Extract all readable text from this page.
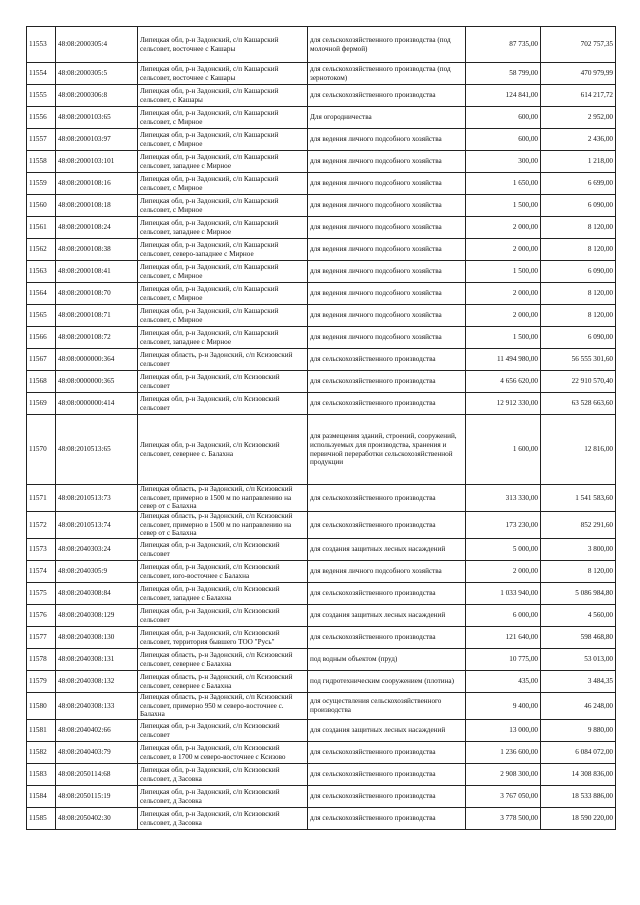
11553	48:08:2000305:4	Липецкая обл, р-н Задонский, с/п Кашарский сельсовет, восточнее с Кашары	для сельскохозяйственного производства (под молочной фермой)	87 735,00	702 757,35
11554	48:08:2000305:5	Липецкая обл, р-н Задонский, с/п Кашарский сельсовет, восточнее с Кашары	для сельскохозяйственного производства (под зернотоком)	58 799,00	470 979,99
11555	48:08:2000306:8	Липецкая обл, р-н Задонский, с/п Кашарский сельсовет, с Кашары	для сельскохозяйственного производства	124 841,00	614 217,72
11556	48:08:2000103:65	Липецкая обл, р-н Задонский, с/п Кашарский сельсовет, с Мирное	Для огородничества	600,00	2 952,00
11557	48:08:2000103:97	Липецкая обл, р-н Задонский, с/п Кашарский сельсовет, с Мирное	для ведения личного подсобного хозяйства	600,00	2 436,00
11558	48:08:2000103:101	Липецкая обл, р-н Задонский, с/п Кашарский сельсовет, западнее с Мирное	для ведения личного подсобного хозяйства	300,00	1 218,00
11559	48:08:2000108:16	Липецкая обл, р-н Задонский, с/п Кашарский сельсовет, с Мирное	для ведения личного подсобного хозяйства	1 650,00	6 699,00
11560	48:08:2000108:18	Липецкая обл, р-н Задонский, с/п Кашарский сельсовет, с Мирное	для ведения личного подсобного хозяйства	1 500,00	6 090,00
11561	48:08:2000108:24	Липецкая обл, р-н Задонский, с/п Кашарский сельсовет, западнее с Мирное	для ведения личного подсобного хозяйства	2 000,00	8 120,00
11562	48:08:2000108:38	Липецкая обл, р-н Задонский, с/п Кашарский сельсовет, северо-западнее с Мирное	для ведения личного подсобного хозяйства	2 000,00	8 120,00
11563	48:08:2000108:41	Липецкая обл, р-н Задонский, с/п Кашарский сельсовет, с Мирное	для ведения личного подсобного хозяйства	1 500,00	6 090,00
11564	48:08:2000108:70	Липецкая обл, р-н Задонский, с/п Кашарский сельсовет, с Мирное	для ведения личного подсобного хозяйства	2 000,00	8 120,00
11565	48:08:2000108:71	Липецкая обл, р-н Задонский, с/п Кашарский сельсовет, с Мирное	для ведения личного подсобного хозяйства	2 000,00	8 120,00
11566	48:08:2000108:72	Липецкая обл, р-н Задонский, с/п Кашарский сельсовет, западнее с Мирное	для ведения личного подсобного хозяйства	1 500,00	6 090,00
11567	48:08:0000000:364	Липецкая область, р-н Задонский, с/п Ксизовский сельсовет	для сельскохозяйственного производства	11 494 980,00	56 555 301,60
11568	48:08:0000000:365	Липецкая обл, р-н Задонский, с/п Ксизовский сельсовет	для сельскохозяйственного производства	4 656 620,00	22 910 570,40
11569	48:08:0000000:414	Липецкая обл, р-н Задонский, с/п Ксизовский сельсовет	для сельскохозяйственного производства	12 912 330,00	63 528 663,60
11570	48:08:2010513:65	Липецкая обл, р-н Задонский, с/п Ксизовский сельсовет, севернее с. Балахна	для размещения зданий, строений, сооружений, используемых для производства, хранения и первичной переработки сельскохозяйственной продукции	1 600,00	12 816,00
11571	48:08:2010513:73	Липецкая область, р-н Задонский, с/п Ксизовский сельсовет, примерно в 1500 м по направлению на север от с Балахна	для сельскохозяйственного производства	313 330,00	1 541 583,60
11572	48:08:2010513:74	Липецкая область, р-н Задонский, с/п Ксизовский сельсовет, примерно в 1500 м по направлению на север от с Балахна	для сельскохозяйственного производства	173 230,00	852 291,60
11573	48:08:2040303:24	Липецкая обл, р-н Задонский, с/п Ксизовский сельсовет	для создания защитных лесных насаждений	5 000,00	3 800,00
11574	48:08:2040305:9	Липецкая обл, р-н Задонский, с/п Ксизовский сельсовет, юго-восточнее с Балахна	для ведения личного подсобного хозяйства	2 000,00	8 120,00
11575	48:08:2040308:84	Липецкая обл, р-н Задонский, с/п Ксизовский сельсовет, западнее с Балахна	для сельскохозяйственного производства	1 033 940,00	5 086 984,80
11576	48:08:2040308:129	Липецкая обл, р-н Задонский, с/п Ксизовский сельсовет	для создания защитных лесных насаждений	6 000,00	4 560,00
11577	48:08:2040308:130	Липецкая обл, р-н Задонский, с/п Ксизовский сельсовет, территория бывшего ТОО "Русь"	для сельскохозяйственного производства	121 640,00	598 468,80
11578	48:08:2040308:131	Липецкая область, р-н Задонский, с/п Ксизовский сельсовет, севернее с Балахна	под водным объектом (пруд)	10 775,00	53 013,00
11579	48:08:2040308:132	Липецкая область, р-н Задонский, с/п Ксизовский сельсовет, севернее с Балахна	под гидротехническим сооружением (плотина)	435,00	3 484,35
11580	48:08:2040308:133	Липецкая область, р-н Задонский, с/п Ксизовский сельсовет, примерно 950 м северо-восточнее с. Балахна	для осуществления сельскохозяйственного производства	9 400,00	46 248,00
11581	48:08:2040402:66	Липецкая обл, р-н Задонский, с/п Ксизовский сельсовет	для создания защитных лесных насаждений	13 000,00	9 880,00
11582	48:08:2040403:79	Липецкая обл, р-н Задонский, с/п Ксизовский сельсовет, в 1700 м северо-восточнее с Ксизово	для сельскохозяйственного производства	1 236 600,00	6 084 072,00
11583	48:08:2050114:68	Липецкая обл, р-н Задонский, с/п Ксизовский сельсовет, д Засовка	для сельскохозяйственного производства	2 908 300,00	14 308 836,00
11584	48:08:2050115:19	Липецкая обл, р-н Задонский, с/п Ксизовский сельсовет, д Засовка	для сельскохозяйственного производства	3 767 050,00	18 533 886,00
11585	48:08:2050402:30	Липецкая обл, р-н Задонский, с/п Ксизовский сельсовет, д Засовка	для сельскохозяйственного производства	3 778 500,00	18 590 220,00
